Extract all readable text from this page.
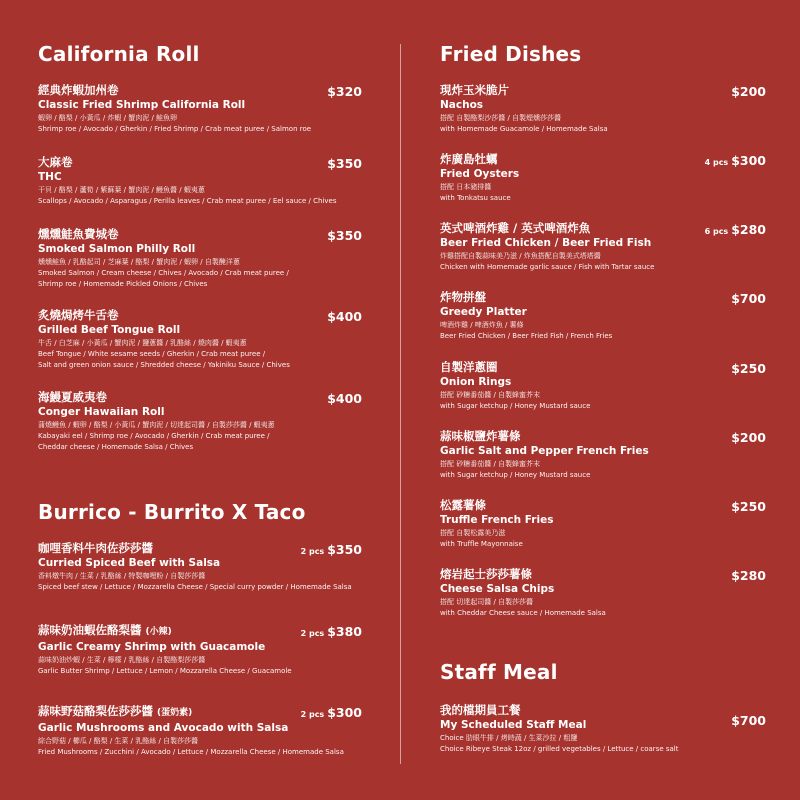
California Roll
經典炸蝦加州卷
Classic Fried Shrimp California Roll
蝦卵 / 酪梨 / 小黃瓜 / 炸蝦 / 蟹肉泥 / 鮭魚卵
Shrimp roe / Avocado / Gherkin / Fried Shrimp / Crab meat puree / Salmon roe
$320
大麻卷
THC
干貝 / 酪梨 / 蘆筍 / 紫蘇葉 / 蟹肉泥 / 鰻魚醬 / 蝦夷蔥
Scallops / Avocado / Asparagus / Perilla leaves / Crab meat puree / Eel sauce / Chives
$350
燻燻鮭魚費城卷
Smoked Salmon Philly Roll
燻燻鮭魚 / 乳酪起司 / 芝麻葉 / 酪梨 / 蟹肉泥 / 蝦卵 / 自製醃洋蔥
Smoked Salmon / Cream cheese / Chives / Avocado / Crab meat puree /
Shrimp roe / Homemade Pickled Onions / Chives
$350
炙燒焗烤牛舌卷
Grilled Beef Tongue Roll
牛舌 / 白芝麻 / 小黃瓜 / 蟹肉泥 / 鹽蔥醬 / 乳酪絲 / 燒肉醬 / 蝦夷蔥
Beef Tongue / White sesame seeds / Gherkin / Crab meat puree /
Salt and green onion sauce / Shredded cheese / Yakiniku Sauce / Chives
$400
海鰻夏威夷卷
Conger Hawaiian Roll
蒲燒鰻魚 / 蝦卵 / 酪梨 / 小黃瓜 / 蟹肉泥 / 切達起司醬 / 自製莎莎醬 / 蝦夷蔥
Kabayaki eel / Shrimp roe / Avocado / Gherkin / Crab meat puree /
Cheddar cheese / Homemade Salsa / Chives
$400
Burrico - Burrito X Taco
咖哩香料牛肉佐莎莎醬
Curried Spiced Beef with Salsa
香料燉牛肉 / 生菜 / 乳酪絲 / 特製咖哩粉 / 自製莎莎醬
Spiced beef stew / Lettuce / Mozzarella Cheese / Special curry powder / Homemade Salsa
2 pcs $350
蒜味奶油蝦佐酪梨醬 (小辣)
Garlic Creamy Shrimp with Guacamole
蒜味奶油炒蝦 / 生菜 / 檸檬 / 乳酪絲 / 自製酪梨莎莎醬
Garlic Butter Shrimp / Lettuce / Lemon / Mozzarella Cheese / Guacamole
2 pcs $380
蒜味野菇酪梨佐莎莎醬 (蛋奶素)
Garlic Mushrooms and Avocado with Salsa
綜合野菇 / 櫛瓜 / 酪梨 / 生菜 / 乳酪絲 / 自製莎莎醬
Fried Mushrooms / Zucchini / Avocado / Lettuce / Mozzarella Cheese / Homemade Salsa
2 pcs $300
Fried Dishes
現炸玉米脆片
Nachos
搭配 自製酪梨沙莎醬 / 自製煙燻莎莎醬
with Homemade Guacamole / Homemade Salsa
$200
炸廣島牡蠣
Fried Oysters
搭配 日本豬排醬
with Tonkatsu sauce
4 pcs $300
英式啤酒炸雞 / 英式啤酒炸魚
Beer Fried Chicken / Beer Fried Fish
炸雞搭配自製蒜味美乃滋 / 炸魚搭配自製美式塔塔醬
Chicken with Homemade garlic sauce / Fish with Tartar sauce
6 pcs $280
炸物拼盤
Greedy Platter
啤酒炸雞 / 啤酒炸魚 / 薯條
Beer Fried Chicken / Beer Fried Fish / French Fries
$700
自製洋蔥圈
Onion Rings
搭配 砂糖番茄醬 / 自製蜂蜜芥末
with Sugar ketchup / Honey Mustard sauce
$250
蒜味椒鹽炸薯條
Garlic Salt and Pepper French Fries
搭配 砂糖番茄醬 / 自製蜂蜜芥末
with Sugar ketchup / Honey Mustard sauce
$200
松露薯條
Truffle French Fries
搭配 自製松露美乃滋
with Truffle Mayonnaise
$250
熔岩起士莎莎薯條
Cheese Salsa Chips
搭配 切達起司醬 / 自製莎莎醬
with Cheddar Cheese sauce / Homemade Salsa
$280
Staff Meal
我的檔期員工餐
My Scheduled Staff Meal
Choice 肋眼牛排 / 烤時蔬 / 生菜沙拉 / 粗鹽
Choice Ribeye Steak 12oz / grilled vegetables / Lettuce / coarse salt
$700
